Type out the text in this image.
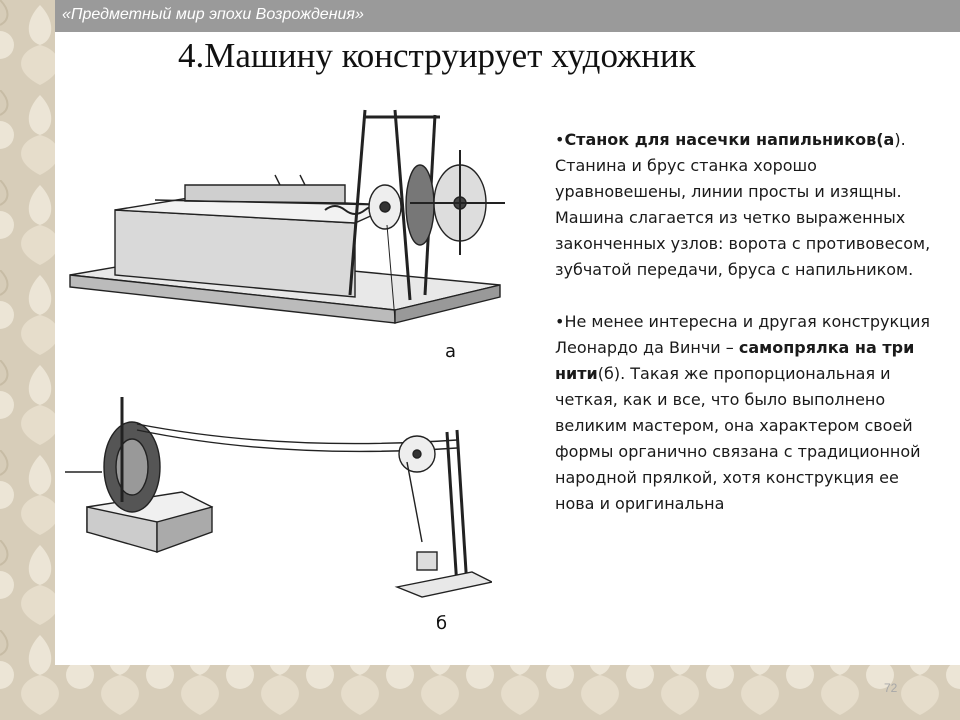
«Предметный мир эпохи Возрождения»
4.Машину конструирует художник
а
б

•Станок для насечки напильников(а). Станина и брус станка хорошо уравновешены, линии просты и изящны. Машина слагается из четко выраженных законченных узлов: ворота с противовесом, зубчатой передачи, бруса с напильником.

•Не менее интересна и другая конструкция Леонардо да Винчи – самопрялка на три нити(б). Такая же пропорциональная и четкая, как и все, что было выполнено великим мастером, она характером своей формы органично связана с традиционной народной прялкой, хотя конструкция ее нова и оригинальна

72
